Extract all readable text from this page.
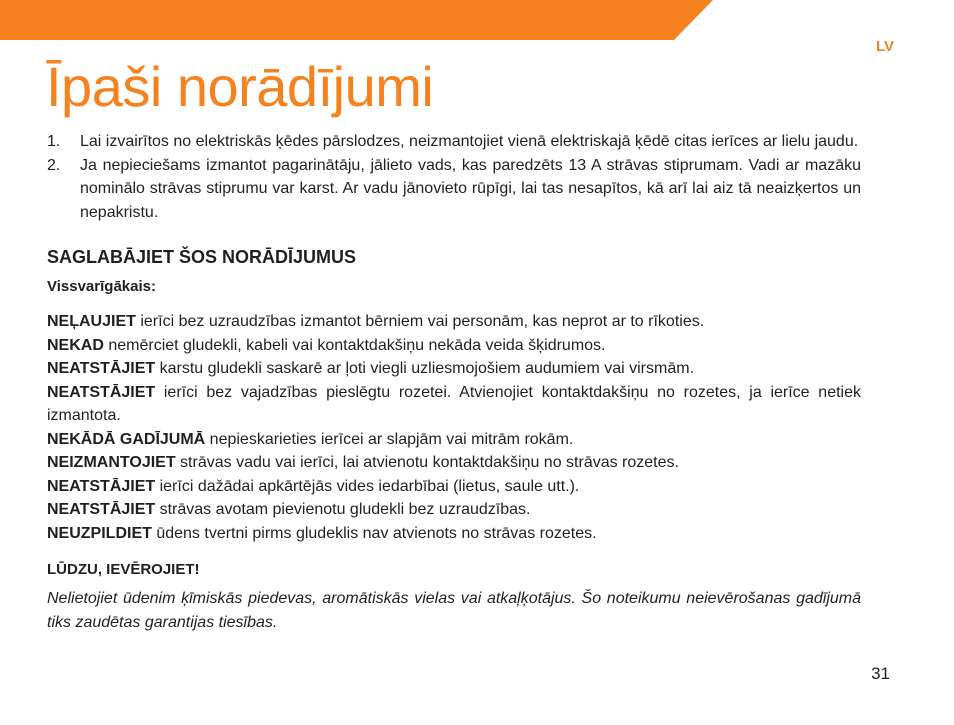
LV
Īpaši norādījumi
1. Lai izvairītos no elektriskās ķēdes pārslodzes, neizmantojiet vienā elektriskajā ķēdē citas ierīces ar lielu jaudu.
2. Ja nepieciešams izmantot pagarinātāju, jālieto vads, kas paredzēts 13 A strāvas stiprumam. Vadi ar mazāku nominālo strāvas stiprumu var karst. Ar vadu jānovieto rūpīgi, lai tas nesapītos, kā arī lai aiz tā neaizķertos un nepakristu.
SAGLABĀJIET ŠOS NORĀDĪJUMUS
Vissvarīgākais:

NEĻAUJIET ierīci bez uzraudzības izmantot bērniem vai personām, kas neprot ar to rīkoties.

NEKAD nemērciet gludekli, kabeli vai kontaktdakšiņu nekāda veida šķidrumos.

NEATSTĀJIET karstu gludekli saskarē ar ļoti viegli uzliesmojošiem audumiem vai virsmām.

NEATSTĀJIET ierīci bez vajadzības pieslēgtu rozetei. Atvienojiet kontaktdakšiņu no rozetes, ja ierīce netiek izmantota.

NEKĀDĀ GADĪJUMĀ nepieskarieties ierīcei ar slapjām vai mitrām rokām.

NEIZMANTOJIET strāvas vadu vai ierīci, lai atvienotu kontaktdakšiņu no strāvas rozetes.

NEATSTĀJIET ierīci dažādai apkārtējās vides iedarbībai (lietus, saule utt.).

NEATSTĀJIET strāvas avotam pievienotu gludekli bez uzraudzības.

NEUZPILDIET ūdens tvertni pirms gludeklis nav atvienots no strāvas rozetes.

LŪDZU, IEVĒROJIET!

Nelietojiet ūdenim ķīmiskās piedevas, aromātiskās vielas vai atkaļķotājus. Šo noteikumu neievērošanas gadījumā tiks zaudētas garantijas tiesības.

31
